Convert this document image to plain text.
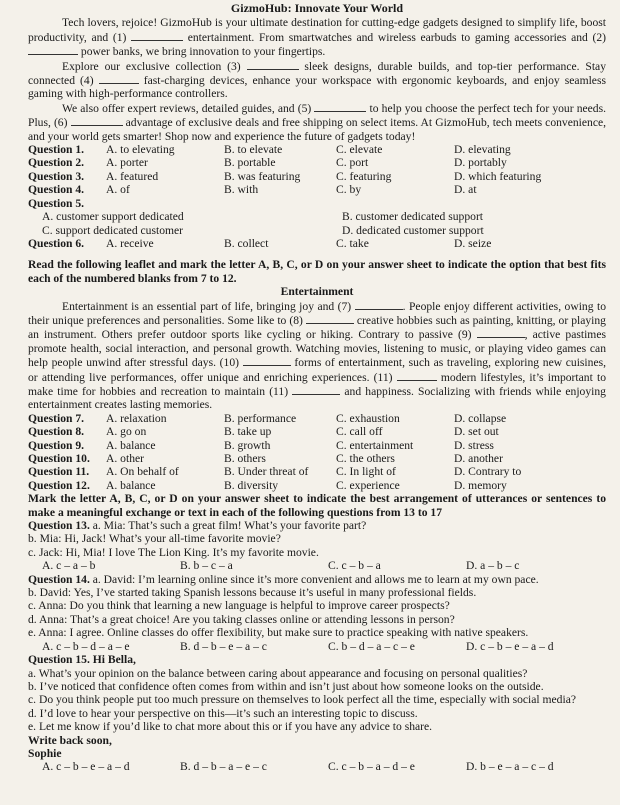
GizmoHub: Innovate Your World

Tech lovers, rejoice! GizmoHub is your ultimate destination for cutting-edge gadgets designed to simplify life, boost productivity, and (1)	entertainment. From smartwatches and wireless earbuds to gaming accessories and (2)  power banks, we bring innovation to your fingertips.

Explore our exclusive collection (3)	sleek designs, durable builds, and top-tier performance. Stay connected (4)	fast-charging devices, enhance your workspace with ergonomic keyboards, and enjoy seamless gaming with high-performance controllers.

We also offer expert reviews, detailed guides, and (5)	to help you choose the perfect tech for your needs. Plus, (6)	advantage of exclusive deals and free shipping on select items. At GizmoHub, tech meets convenience, and your world gets smarter! Shop now and experience the future of gadgets today!

Question 1.	A. to elevating	B. to elevate	C. elevate	D. elevating
Question 2.	A. porter	B. portable	C. port	D. portably
Question 3.	A. featured	B. was featuring	C. featuring	D. which featuring
Question 4.	A. of	B. with	C. by	D. at
Question 5.
A. customer support dedicated	B. customer dedicated support
C. support dedicated customer	D. dedicated customer support
Question 6.	A. receive	B. collect	C. take	D. seize

Read the following leaflet and mark the letter A, B, C, or D on your answer sheet to indicate the option that best fits each of the numbered blanks from 7 to 12.

Entertainment

Entertainment is an essential part of life, bringing joy and (7)	. People enjoy different activities, owing to their unique preferences and personalities. Some like to (8)	creative hobbies such as painting, knitting, or playing an instrument. Others prefer outdoor sports like cycling or hiking. Contrary to passive (9)	, active pastimes promote health, social interaction, and personal growth. Watching movies, listening to music, or playing video games can help people unwind after stressful days. (10)	forms of entertainment, such as traveling, exploring new cuisines, or attending live performances, offer unique and enriching experiences. (11)	modern lifestyles, it’s important to make time for hobbies and recreation to maintain (11)	and happiness. Socializing with friends while enjoying entertainment creates lasting memories.

Question 7.	A. relaxation	B. performance	C. exhaustion	D. collapse
Question 8.	A. go on	B. take up	C. call off	D. set out
Question 9.	A. balance	B. growth	C. entertainment	D. stress
Question 10.	A. other	B. others	C. the others	D. another
Question 11.	A. On behalf of	B. Under threat of	C. In light of	D. Contrary to
Question 12.	A. balance	B. diversity	C. experience	D. memory

Mark the letter A, B, C, or D on your answer sheet to indicate the best arrangement of utterances or sentences to make a meaningful exchange or text in each of the following questions from 13 to 17

Question 13. a. Mia: That’s such a great film! What’s your favorite part?
b. Mia: Hi, Jack! What’s your all-time favorite movie?
c. Jack: Hi, Mia! I love The Lion King. It’s my favorite movie.
A. c – a – b	B. b – c – a	C. c – b – a	D. a – b – c
Question 14. a. David: I’m learning online since it’s more convenient and allows me to learn at my own pace.
b. David: Yes, I’ve started taking Spanish lessons because it’s useful in many professional fields.
c. Anna: Do you think that learning a new language is helpful to improve career prospects?
d. Anna: That’s a great choice! Are you taking classes online or attending lessons in person?
e. Anna: I agree. Online classes do offer flexibility, but make sure to practice speaking with native speakers.
A. c – b – d – a – e	B. d – b – e – a – c	C. b – d – a – c – e	D. c – b – e – a – d
Question 15. Hi Bella,
a. What’s your opinion on the balance between caring about appearance and focusing on personal qualities?
b. I’ve noticed that confidence often comes from within and isn’t just about how someone looks on the outside.
c. Do you think people put too much pressure on themselves to look perfect all the time, especially with social media?
d. I’d love to hear your perspective on this—it’s such an interesting topic to discuss.
e. Let me know if you’d like to chat more about this or if you have any advice to share.
Write back soon,
Sophie
A. c – b – e – a – d	B. d – b – a – e – c	C. c – b – a – d – e	D. b – e – a – c – d
